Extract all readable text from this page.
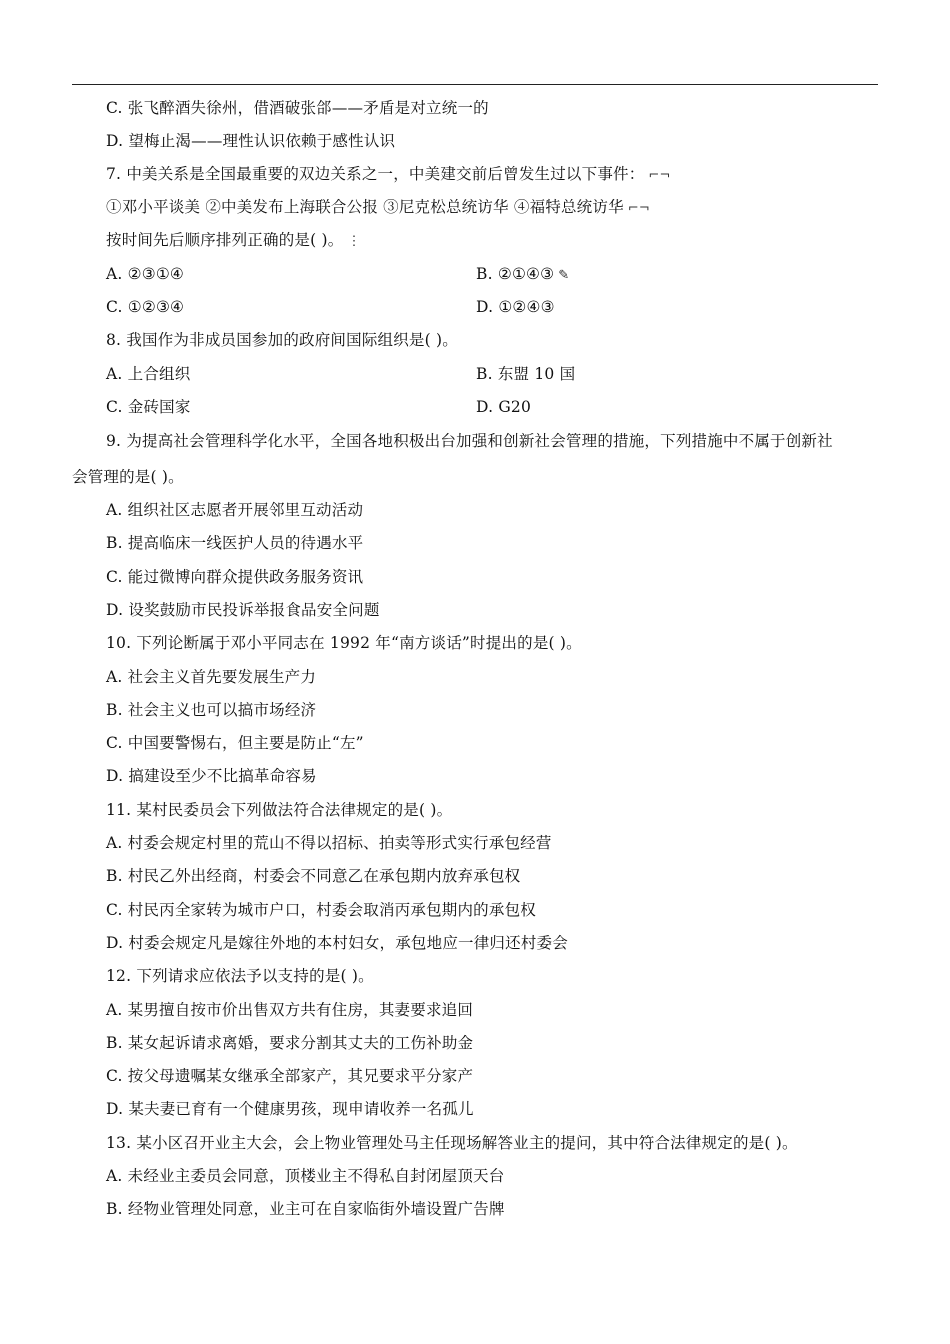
C. 张飞醉酒失徐州，借酒破张郃——矛盾是对立统一的
D. 望梅止渴——理性认识依赖于感性认识
7. 中美关系是全国最重要的双边关系之一，中美建交前后曾发生过以下事件： ⌐¬
①邓小平谈美 ②中美发布上海联合公报 ③尼克松总统访华 ④福特总统访华 ⌐¬
按时间先后顺序排列正确的是( )。 ⋮
A. ②③①④	B. ②①④③ ✎
C. ①②③④	D. ①②④③
8. 我国作为非成员国参加的政府间国际组织是( )。
A. 上合组织	B. 东盟 10 国
C. 金砖国家	D. G20
9. 为提高社会管理科学化水平，全国各地积极出台加强和创新社会管理的措施，下列措施中不属于创新社
会管理的是( )。
A. 组织社区志愿者开展邻里互动活动
B. 提高临床一线医护人员的待遇水平
C. 能过微博向群众提供政务服务资讯
D. 设奖鼓励市民投诉举报食品安全问题
10. 下列论断属于邓小平同志在 1992 年“南方谈话”时提出的是( )。
A. 社会主义首先要发展生产力
B. 社会主义也可以搞市场经济
C. 中国要警惕右，但主要是防止“左”
D. 搞建设至少不比搞革命容易
11. 某村民委员会下列做法符合法律规定的是( )。
A. 村委会规定村里的荒山不得以招标、拍卖等形式实行承包经营
B. 村民乙外出经商，村委会不同意乙在承包期内放弃承包权
C. 村民丙全家转为城市户口，村委会取消丙承包期内的承包权
D. 村委会规定凡是嫁往外地的本村妇女，承包地应一律归还村委会
12. 下列请求应依法予以支持的是( )。
A. 某男擅自按市价出售双方共有住房，其妻要求追回
B. 某女起诉请求离婚，要求分割其丈夫的工伤补助金
C. 按父母遗嘱某女继承全部家产，其兄要求平分家产
D. 某夫妻已育有一个健康男孩，现申请收养一名孤儿
13. 某小区召开业主大会，会上物业管理处马主任现场解答业主的提问，其中符合法律规定的是( )。
A. 未经业主委员会同意，顶楼业主不得私自封闭屋顶天台
B. 经物业管理处同意，业主可在自家临街外墙设置广告牌
